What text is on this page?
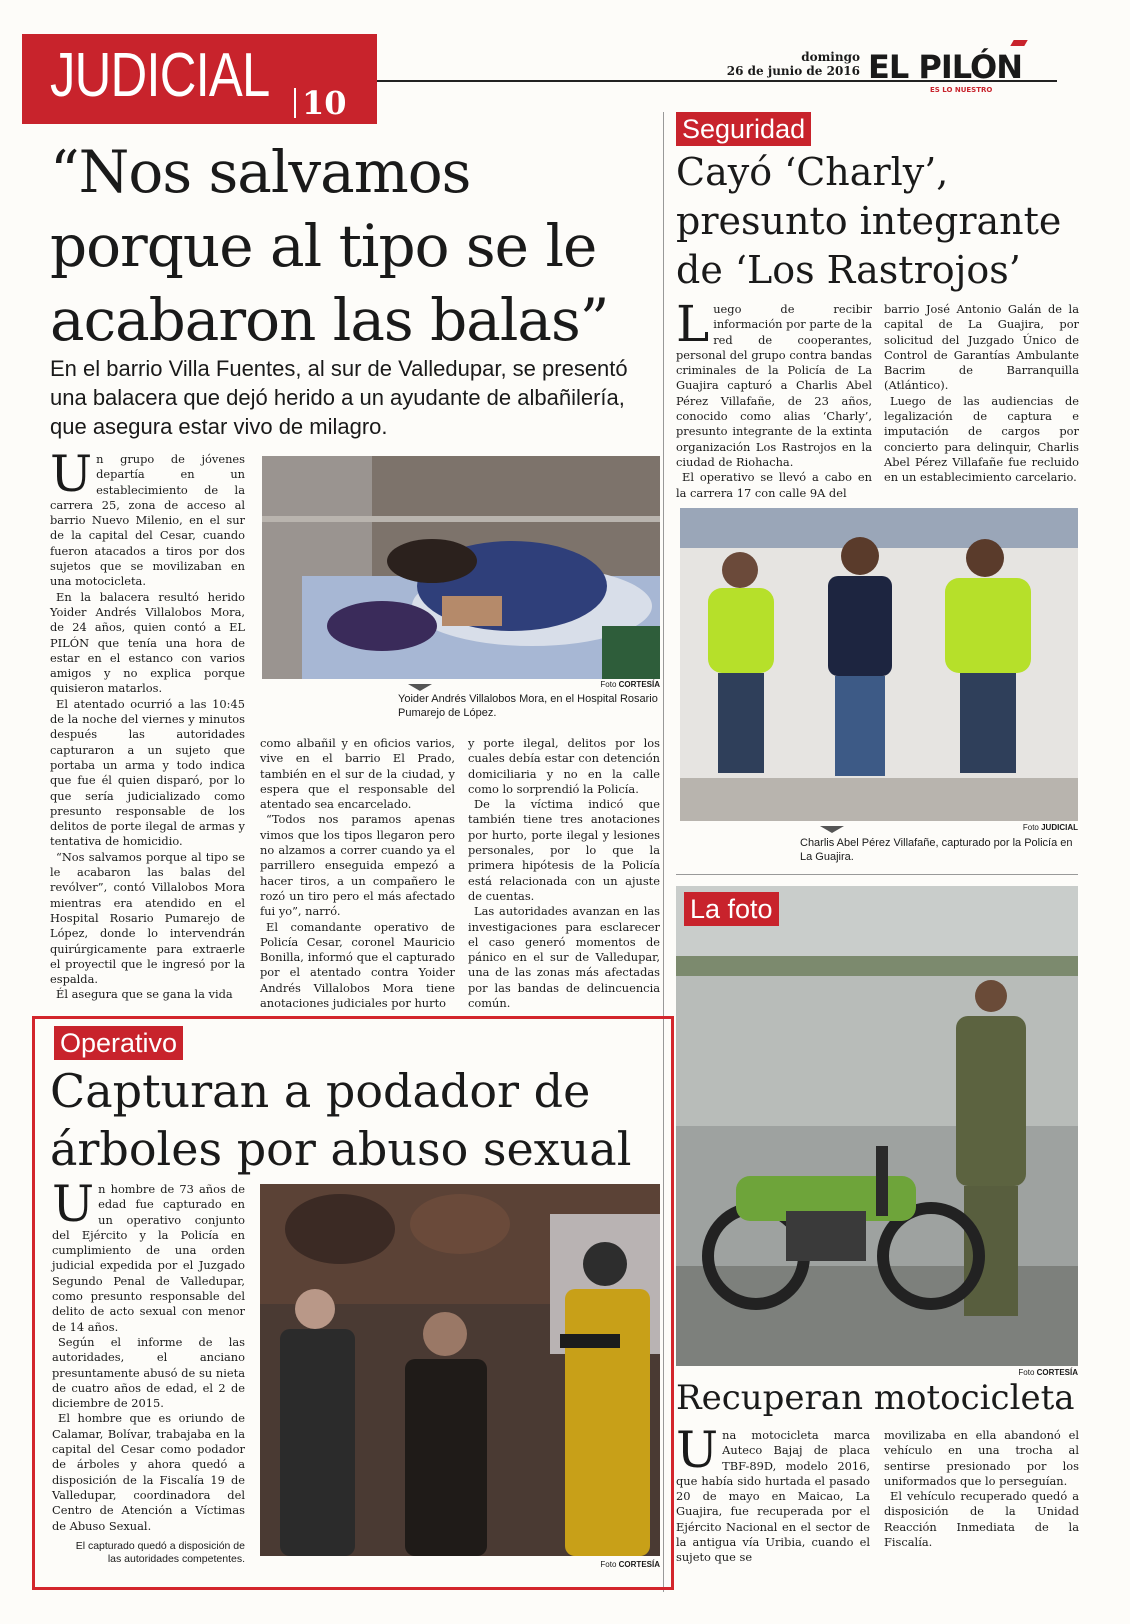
JUDICIAL 10
domingo
26 de junio de 2016 EL PILÓN
ES LO NUESTRO
“Nos salvamos porque al tipo se le acabaron las balas”
En el barrio Villa Fuentes, al sur de Valledupar, se presentó una balacera que dejó herido a un ayudante de albañilería, que asegura estar vivo de milagro.

Un grupo de jóvenes departía en un establecimiento de la carrera 25, zona de acceso al barrio Nuevo Milenio, en el sur de la capital del Cesar, cuando fueron atacados a tiros por dos sujetos que se movilizaban en una motocicleta.

En la balacera resultó herido Yoider Andrés Villalobos Mora, de 24 años, quien contó a EL PILÓN que tenía una hora de estar en el estanco con varios amigos y no explica porque quisieron matarlos.

El atentado ocurrió a las 10:45 de la noche del viernes y minutos después las autoridades capturaron a un sujeto que portaba un arma y todo indica que fue él quien disparó, por lo que sería judicializado como presunto responsable de los delitos de porte ilegal de armas y tentativa de homicidio.

“Nos salvamos porque al tipo se le acabaron las balas del revólver”, contó Villalobos Mora mientras era atendido en el Hospital Rosario Pumarejo de López, donde lo intervendrán quirúrgicamente para extraerle el proyectil que le ingresó por la espalda.

Él asegura que se gana la vida

Foto CORTESÍA
Yoider Andrés Villalobos Mora, en el Hospital Rosario Pumarejo de López.

como albañil y en oficios varios, vive en el barrio El Prado, también en el sur de la ciudad, y espera que el responsable del atentado sea encarcelado.

“Todos nos paramos apenas vimos que los tipos llegaron pero no alzamos a correr cuando ya el parrillero enseguida empezó a hacer tiros, a un compañero le rozó un tiro pero el más afectado fui yo”, narró.

El comandante operativo de Policía Cesar, coronel Mauricio Bonilla, informó que el capturado por el atentado contra Yoider Andrés Villalobos Mora tiene anotaciones judiciales por hurto

y porte ilegal, delitos por los cuales debía estar con detención domiciliaria y no en la calle como lo sorprendió la Policía.

De la víctima indicó que también tiene tres anotaciones por hurto, porte ilegal y lesiones personales, por lo que la primera hipótesis de la Policía está relacionada con un ajuste de cuentas.

Las autoridades avanzan en las investigaciones para esclarecer el caso generó momentos de pánico en el sur de Valledupar, una de las zonas más afectadas por las bandas de delincuencia común.

Seguridad
Cayó ‘Charly’, presunto integrante de ‘Los Rastrojos’

Luego de recibir información por parte de la red de cooperantes, personal del grupo contra bandas criminales de la Policía de La Guajira capturó a Charlis Abel Pérez Villafañe, de 23 años, conocido como alias ‘Charly’, presunto integrante de la extinta organización Los Rastrojos en la ciudad de Riohacha.

El operativo se llevó a cabo en la carrera 17 con calle 9A del

barrio José Antonio Galán de la capital de La Guajira, por solicitud del Juzgado Único de Control de Garantías Ambulante Bacrim de Barranquilla (Atlántico).

Luego de las audiencias de legalización de captura e imputación de cargos por concierto para delinquir, Charlis Abel Pérez Villafañe fue recluido en un establecimiento carcelario.

Foto JUDICIAL
Charlis Abel Pérez Villafañe, capturado por la Policía en La Guajira.
La foto
Foto CORTESÍA
Recuperan motocicleta

Una motocicleta marca Auteco Bajaj de placa TBF-89D, modelo 2016, que había sido hurtada el pasado 20 de mayo en Maicao, La Guajira, fue recuperada por el Ejército Nacional en el sector de la antigua vía Uribia, cuando el sujeto que se

movilizaba en ella abandonó el vehículo en una trocha al sentirse presionado por los uniformados que lo perseguían.

El vehículo recuperado quedó a disposición de la Unidad Reacción Inmediata de la Fiscalía.

Operativo
Capturan a podador de árboles por abuso sexual

Un hombre de 73 años de edad fue capturado en un operativo conjunto del Ejército y la Policía en cumplimiento de una orden judicial expedida por el Juzgado Segundo Penal de Valledupar, como presunto responsable del delito de acto sexual con menor de 14 años.

Según el informe de las autoridades, el anciano presuntamente abusó de su nieta de cuatro años de edad, el 2 de diciembre de 2015.

El hombre que es oriundo de Calamar, Bolívar, trabajaba en la capital del Cesar como podador de árboles y ahora quedó a disposición de la Fiscalía 19 de Valledupar, coordinadora del Centro de Atención a Víctimas de Abuso Sexual.

El capturado quedó a disposición de las autoridades competentes.	Foto CORTESÍA
